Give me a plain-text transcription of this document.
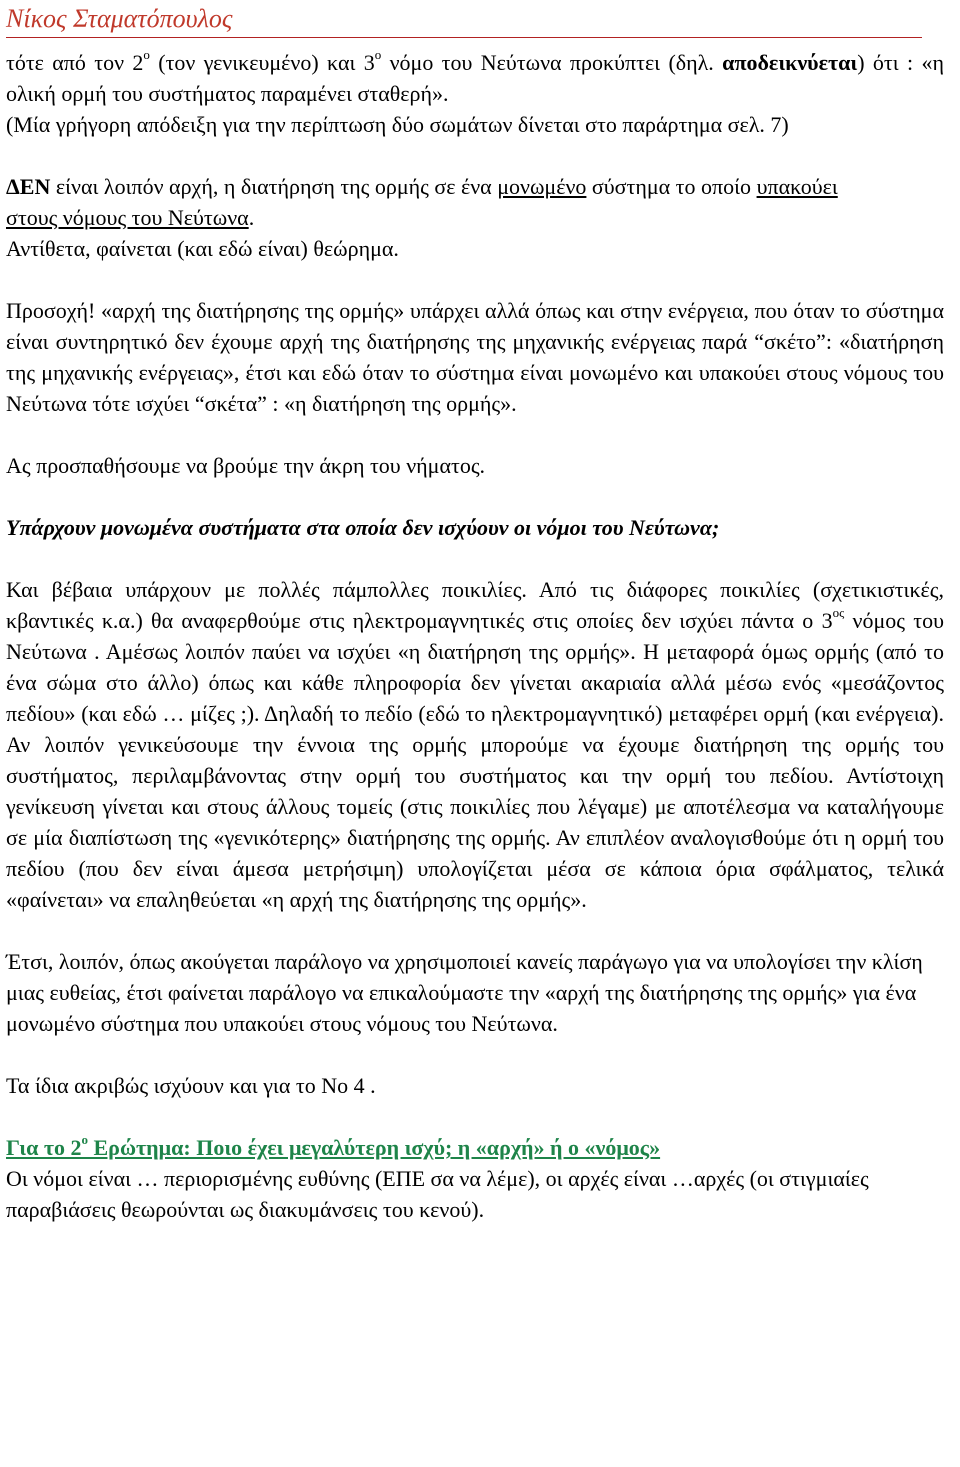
Νίκος Σταματόπουλος

τότε από τον $2^o$ (τον γενικευμένο) και $3^o$ νόμο του Νεύτωνα προκύπτει (δηλ. αποδεικνύεται) ότι : «η ολική ορμή του συστήματος παραμένει σταθερή».

(Μία γρήγορη απόδειξη για την περίπτωση δύο σωμάτων δίνεται στο παράρτημα σελ. 7)

ΔΕΝ είναι λοιπόν αρχή, η διατήρηση της ορμής σε ένα μονωμένο σύστημα το οποίο υπακούει στους νόμους του Νεύτωνα.

Αντίθετα, φαίνεται (και εδώ είναι) θεώρημα.

Προσοχή! «αρχή της διατήρησης της ορμής» υπάρχει αλλά όπως και στην ενέργεια, που όταν το σύστημα είναι συντηρητικό δεν έχουμε αρχή της διατήρησης της μηχανικής ενέργειας παρά “σκέτο”: «διατήρηση της μηχανικής ενέργειας», έτσι και εδώ όταν το σύστημα είναι μονωμένο και υπακούει στους νόμους του Νεύτωνα τότε ισχύει “σκέτα” : «η διατήρηση της ορμής».

Ας προσπαθήσουμε να βρούμε την άκρη του νήματος.

Υπάρχουν μονωμένα συστήματα στα οποία δεν ισχύουν οι νόμοι του Νεύτωνα;

Και βέβαια υπάρχουν με πολλές πάμπολλες ποικιλίες. Από τις διάφορες ποικιλίες (σχετικιστικές, κβαντικές κ.α.) θα αναφερθούμε στις ηλεκτρομαγνητικές στις οποίες δεν ισχύει πάντα ο $3^{o\varsigma}$ νόμος του Νεύτωνα . Αμέσως λοιπόν παύει να ισχύει «η διατήρηση της ορμής». Η μεταφορά όμως ορμής (από το ένα σώμα στο άλλο) όπως και κάθε πληροφορία δεν γίνεται ακαριαία αλλά μέσω ενός «μεσάζοντος πεδίου» (και εδώ … μίζες ;). Δηλαδή το πεδίο (εδώ το ηλεκτρομαγνητικό) μεταφέρει ορμή (και ενέργεια). Αν λοιπόν γενικεύσουμε την έννοια της ορμής μπορούμε να έχουμε διατήρηση της ορμής του συστήματος, περιλαμβάνοντας στην ορμή του συστήματος και την ορμή του πεδίου. Αντίστοιχη γενίκευση γίνεται και στους άλλους τομείς (στις ποικιλίες που λέγαμε) με αποτέλεσμα να καταλήγουμε σε μία διαπίστωση της «γενικότερης» διατήρησης της ορμής. Αν επιπλέον αναλογισθούμε ότι η ορμή του πεδίου (που δεν είναι άμεσα μετρήσιμη) υπολογίζεται μέσα σε κάποια όρια σφάλματος, τελικά «φαίνεται» να επαληθεύεται «η αρχή της διατήρησης της ορμής».

Έτσι, λοιπόν, όπως ακούγεται παράλογο να χρησιμοποιεί κανείς παράγωγο για να υπολογίσει την κλίση μιας ευθείας, έτσι φαίνεται παράλογο να επικαλούμαστε την «αρχή της διατήρησης της ορμής» για ένα μονωμένο σύστημα που υπακούει στους νόμους του Νεύτωνα.

Τα ίδια ακριβώς ισχύουν και για το Νο 4 .

Για το $2^o$ Ερώτημα: Ποιο έχει μεγαλύτερη ισχύ; η «αρχή» ή ο «νόμος»

Οι νόμοι είναι … περιορισμένης ευθύνης (ΕΠΕ σα να λέμε), οι αρχές είναι …αρχές (οι στιγμιαίες παραβιάσεις θεωρούνται ως διακυμάνσεις του κενού).
